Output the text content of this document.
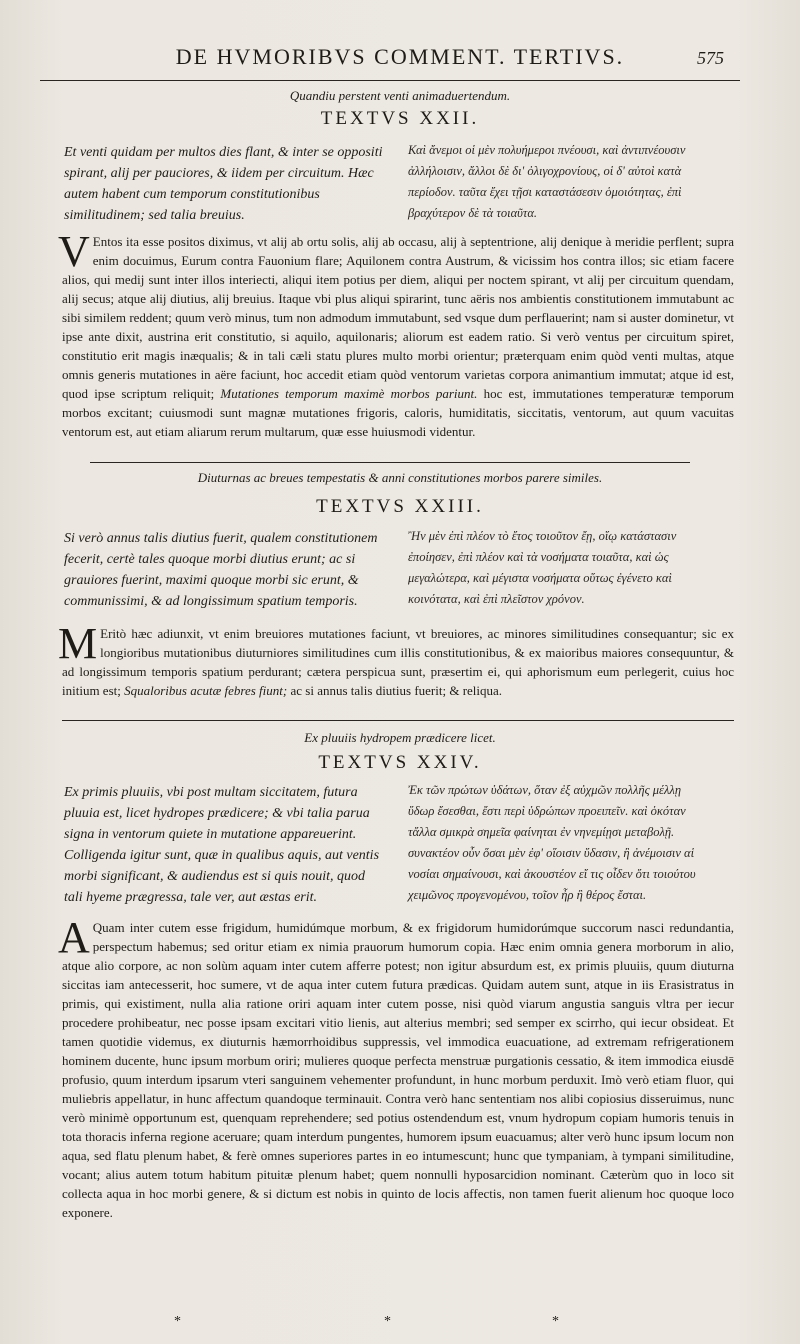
DE HVMORIBVS COMMENT. TERTIVS.	575
Quandiu perstent venti animaduertendum.
TEXTVS XXII.
Et venti quidam per multos dies flant, & inter se oppositi spirant, alij per pauciores, & iidem per circuitum. Hæc autem habent cum temporum constitutionibus similitudinem; sed talia breuius.
Καὶ ἄνεμοι οἱ μὲν πολυήμεροι πνέουσι, καὶ ἀντιπνέουσιν ἀλλήλοισιν, ἄλλοι δὲ δι' ὀλιγοχρονίους, οἱ δ' αὐτοὶ κατὰ περίοδον. ταῦτα ἔχει τῇσι καταστάσεσιν ὁμοιότητας, ἐπὶ βραχύτερον δὲ τὰ τοιαῦτα.
V Entos ita esse positos diximus, vt alij ab ortu solis, alij ab occasu, alij à septentrione, alij denique à meridie perflent; supra enim docuimus, Eurum contra Fauonium flare; Aquilonem contra Austrum, & vicissim hos contra illos; sic etiam facere alios, qui medij sunt inter illos interiecti, aliqui item potius per diem, aliqui per noctem spirant, vt alij per circuitum quendam, alij secus; atque alij diutius, alij breuius. Itaque vbi plus aliqui spirarint, tunc aëris nos ambientis constitutionem immutabunt ac sibi similem reddent; quum verò minus, tum non admodum immutabunt, sed vsque dum perflauerint; nam si auster dominetur, vt ipse ante dixit, austrina erit constitutio, si aquilo, aquilonaris; aliorum est eadem ratio. Si verò ventus per circuitum spiret, constitutio erit magis inæqualis; & in tali cæli statu plures multo morbi orientur; præterquam enim quòd venti multas, atque omnis generis mutationes in aëre faciunt, hoc accedit etiam quòd ventorum varietas corpora animantium immutat; atque id est, quod ipse scriptum reliquit; Mutationes temporum maximè morbos pariunt. hoc est, immutationes temperaturæ temporum morbos excitant; cuiusmodi sunt magnæ mutationes frigoris, caloris, humiditatis, siccitatis, ventorum, aut quum vacuitas ventorum est, aut etiam aliarum rerum multarum, quæ esse huiusmodi videntur.
Diuturnas ac breues tempestatis & anni constitutiones morbos parere similes.
TEXTVS XXIII.
Si verò annus talis diutius fuerit, qualem constitutionem fecerit, certè tales quoque morbi diutius erunt; ac si grauiores fuerint, maximi quoque morbi sic erunt, & communissimi, & ad longissimum spatium temporis.
Ἢν μὲν ἐπὶ πλέον τὸ ἔτος τοιοῦτον ἔῃ, οἵῳ κατάστασιν ἐποίησεν, ἐπὶ πλέον καὶ τὰ νοσήματα τοιαῦτα, καὶ ὡς μεγαλώτερα, καὶ μέγιστα νοσήματα οὕτως ἐγένετο καὶ κοινότατα, καὶ ἐπὶ πλεῖστον χρόνον.
M Eritò hæc adiunxit, vt enim breuiores mutationes faciunt, vt breuiores, ac minores similitudines consequantur; sic ex longioribus mutationibus diuturniores similitudines cum illis constitutionibus, & ex maioribus maiores consequuntur, & ad longissimum temporis spatium perdurant; cætera perspicua sunt, præsertim ei, qui aphorismum eum perlegerit, cuius hoc initium est; Squaloribus acutæ febres fiunt; ac si annus talis diutius fuerit; & reliqua.
Ex pluuiis hydropem prædicere licet.
TEXTVS XXIV.
Ex primis pluuiis, vbi post multam siccitatem, futura pluuia est, licet hydropes prædicere; & vbi talia parua signa in ventorum quiete in mutatione appareuerint. Colligenda igitur sunt, quæ in qualibus aquis, aut ventis morbi significant, & audiendus est si quis nouit, quod tali hyeme prægressa, tale ver, aut æstas erit.
Ἐκ τῶν πρώτων ὑδάτων, ὅταν ἐξ αὐχμῶν πολλῆς μέλλῃ ὕδωρ ἔσεσθαι, ἔστι περὶ ὑδρώπων προειπεῖν. καὶ ὁκόταν τἄλλα σμικρὰ σημεῖα φαίνηται ἐν νηνεμίῃσι μεταβολῇ. συνακτέον οὖν ὅσαι μὲν ἐφ' οἵοισιν ὕδασιν, ἢ ἀνέμοισιν αἱ νοσίαι σημαίνουσι, καὶ ἀκουστέον εἴ τις οἶδεν ὅτι τοιούτου χειμῶνος προγενομένου, τοῖον ἦρ ἢ θέρος ἔσται.
A Quam inter cutem esse frigidum, humidúmque morbum, & ex frigidorum humidorúmque succorum nasci redundantia, perspectum habemus; sed oritur etiam ex nimia prauorum humorum copia. Hæc enim omnia genera morborum in alio, atque alio corpore, ac non solùm aquam inter cutem afferre potest; non igitur absurdum est, ex primis pluuiis, quum diuturna siccitas iam antecesserit, hoc sumere, vt de aqua inter cutem futura prædicas. Quidam autem sunt, atque in iis Erasistratus in primis, qui existiment, nulla alia ratione oriri aquam inter cutem posse, nisi quòd viarum angustia sanguis vltra per iecur procedere prohibeatur, nec posse ipsam excitari vitio lienis, aut alterius membri; sed semper ex scirrho, qui iecur obsideat. Et tamen quotidie videmus, ex diuturnis hæmorrhoidibus suppressis, vel immodica euacuatione, ad extremam refrigerationem hominem ducente, hunc ipsum morbum oriri; mulieres quoque perfecta menstruæ purgationis cessatio, & item immodica eiusdē profusio, quum interdum ipsarum vteri sanguinem vehementer profundunt, in hunc morbum perduxit. Imò verò etiam fluor, qui muliebris appellatur, in hunc affectum quandoque terminauit. Contra verò hanc sententiam nos alibi copiosius disseruimus, nunc verò minimè opportunum est, quenquam reprehendere; sed potius ostendendum est, vnum hydropum copiam humoris tenuis in tota thoracis inferna regione aceruare; quam interdum pungentes, humorem ipsum euacuamus; alter verò hunc ipsum locum non aqua, sed flatu plenum habet, & ferè omnes superiores partes in eo intumescunt; hunc que tympaniam, à tympani similitudine, vocant; alius autem totum habitum pituitæ plenum habet; quem nonnulli hyposarcidion nominant. Cæterùm quo in loco sit collecta aqua in hoc morbi genere, & si dictum est nobis in quinto de locis affectis, non tamen fuerit alienum hoc quoque loco exponere.
*	*	*
